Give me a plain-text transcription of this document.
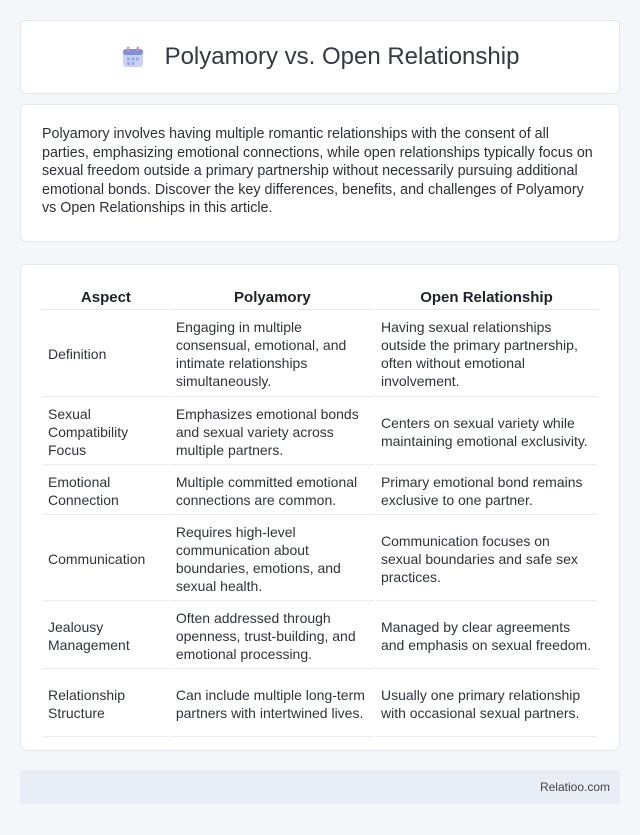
Polyamory vs. Open Relationship

Polyamory involves having multiple romantic relationships with the consent of all parties, emphasizing emotional connections, while open relationships typically focus on sexual freedom outside a primary partnership without necessarily pursuing additional emotional bonds. Discover the key differences, benefits, and challenges of Polyamory vs Open Relationships in this article.

Aspect	Polyamory	Open Relationship
Definition	Engaging in multiple consensual, emotional, and intimate relationships simultaneously.	Having sexual relationships outside the primary partnership, often without emotional involvement.
Sexual Compatibility Focus	Emphasizes emotional bonds and sexual variety across multiple partners.	Centers on sexual variety while maintaining emotional exclusivity.
Emotional Connection	Multiple committed emotional connections are common.	Primary emotional bond remains exclusive to one partner.
Communication	Requires high-level communication about boundaries, emotions, and sexual health.	Communication focuses on sexual boundaries and safe sex practices.
Jealousy Management	Often addressed through openness, trust-building, and emotional processing.	Managed by clear agreements and emphasis on sexual freedom.
Relationship Structure	Can include multiple long-term partners with intertwined lives.	Usually one primary relationship with occasional sexual partners.
Relatioo.com
